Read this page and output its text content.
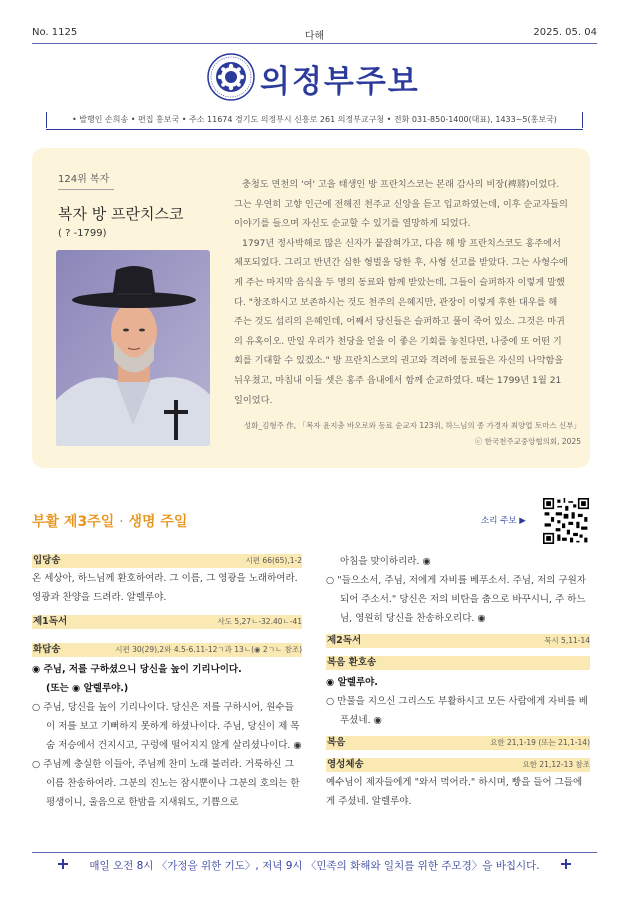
No. 1125	다해	2025. 05. 04
의정부주보
• 발행인 손희송 • 편집 홍보국 • 주소 11674 경기도 의정부시 신흥로 261 의정부교구청 • 전화 031-850-1400(대표), 1433~5(홍보국)
124위 복자
복자 방 프란치스코
( ? -1799)

충청도 면천의 '여' 고을 태생인 방 프란치스코는 본래 감사의 비장(裨將)이었다. 그는 우연히 고향 인근에 전해진 천주교 신앙을 듣고 입교하였는데, 이후 순교자들의 이야기를 들으며 자신도 순교할 수 있기를 열망하게 되었다.

1797년 정사박해로 많은 신자가 붙잡혀가고, 다음 해 방 프란치스코도 홍주에서 체포되었다. 그리고 반년간 심한 형벌을 당한 후, 사형 선고를 받았다. 그는 사형수에게 주는 마지막 음식을 두 명의 동료와 함께 받았는데, 그들이 슬퍼하자 이렇게 말했다. "창조하시고 보존하시는 것도 천주의 은혜지만, 관장이 이렇게 후한 대우를 해 주는 것도 섭리의 은혜인데, 어째서 당신들은 슬퍼하고 풀이 죽어 있소. 그것은 마귀의 유혹이오. 만일 우리가 천당을 얻을 이 좋은 기회를 놓친다면, 나중에 또 어떤 기회를 기대할 수 있겠소." 방 프란치스코의 권고와 격려에 동료들은 자신의 나약함을 뉘우쳤고, 마침내 이들 셋은 홍주 읍내에서 함께 순교하였다. 때는 1799년 1월 21일이었다.

성화_김형주 作, 「복자 윤지충 바오로와 동료 순교자 123위, 하느님의 종 가경자 최양업 토마스 신부」
ⓒ 한국천주교중앙협의회, 2025
부활 제3주일 · 생명 주일	소리 주보 ▶
입당송	시편 66(65),1-2
온 세상아, 하느님께 환호하여라. 그 이름, 그 영광을 노래하여라. 영광과 찬양을 드려라. 알렐루야.
제1독서	사도 5,27ㄴ-32.40ㄴ-41
화답송	시편 30(29),2와 4.5-6.11-12ㄱ과 13ㄴ(◉ 2ㄱㄴ 참조)
◉ 주님, 저를 구하셨으니 당신을 높이 기리나이다.
(또는 ◉ 알렐루야.)
○ 주님, 당신을 높이 기리나이다. 당신은 저를 구하시어, 원수들이 저를 보고 기뻐하지 못하게 하셨나이다. 주님, 당신이 제 목숨 저승에서 건지시고, 구렁에 떨어지지 않게 살리셨나이다. ◉
○ 주님께 충실한 이들아, 주님께 찬미 노래 불러라. 거룩하신 그 이름 찬송하여라. 그분의 진노는 잠시뿐이나 그분의 호의는 한평생이니, 울음으로 한밤을 지새워도, 기쁨으로
아침을 맞이하리라. ◉
○ "들으소서, 주님, 저에게 자비를 베푸소서. 주님, 저의 구원자 되어 주소서." 당신은 저의 비탄을 춤으로 바꾸시니, 주 하느님, 영원히 당신을 찬송하오리다. ◉
제2독서	묵시 5,11-14
복음 환호송
◉ 알렐루야.
○ 만물을 지으신 그리스도 부활하시고 모든 사람에게 자비를 베푸셨네. ◉
복음	요한 21,1-19 (또는 21,1-14)
영성체송	요한 21,12-13 참조
예수님이 제자들에게 "와서 먹어라." 하시며, 빵을 들어 그들에게 주셨네. 알렐루야.
매일 오전 8시 〈가정을 위한 기도〉, 저녁 9시 〈민족의 화해와 일치를 위한 주모경〉을 바칩시다.
